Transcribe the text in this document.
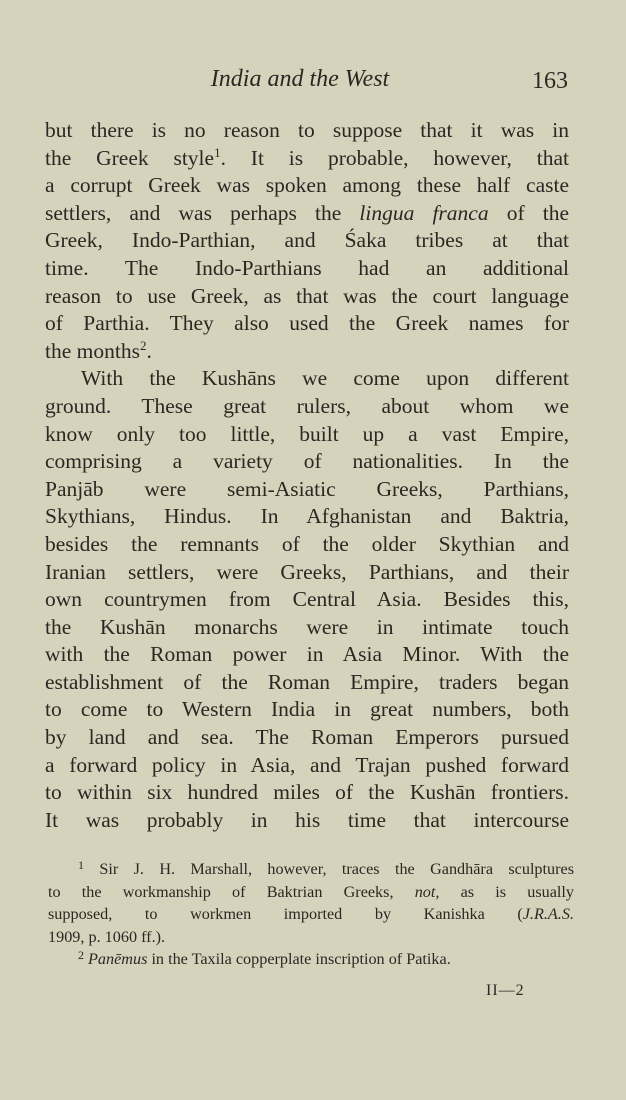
India and the West	163
but there is no reason to suppose that it was in
the Greek style$^1$. It is probable, however, that
a corrupt Greek was spoken among these half caste
settlers, and was perhaps the lingua franca of the
Greek, Indo-Parthian, and Śaka tribes at that
time. The Indo-Parthians had an additional
reason to use Greek, as that was the court language
of Parthia. They also used the Greek names for
the months$^2$.
With the Kushāns we come upon different
ground. These great rulers, about whom we
know only too little, built up a vast Empire,
comprising a variety of nationalities. In the
Panjāb were semi-Asiatic Greeks, Parthians,
Skythians, Hindus. In Afghanistan and Baktria,
besides the remnants of the older Skythian and
Iranian settlers, were Greeks, Parthians, and their
own countrymen from Central Asia. Besides this,
the Kushān monarchs were in intimate touch
with the Roman power in Asia Minor. With the
establishment of the Roman Empire, traders began
to come to Western India in great numbers, both
by land and sea. The Roman Emperors pursued
a forward policy in Asia, and Trajan pushed forward
to within six hundred miles of the Kushān frontiers.
It was probably in his time that intercourse
$^1$ Sir J. H. Marshall, however, traces the Gandhāra sculptures
to the workmanship of Baktrian Greeks, not, as is usually
supposed, to workmen imported by Kanishka (J.R.A.S.
1909, p. 1060 ff.).
$^2$ Panēmus in the Taxila copperplate inscription of Patika.
II—2
